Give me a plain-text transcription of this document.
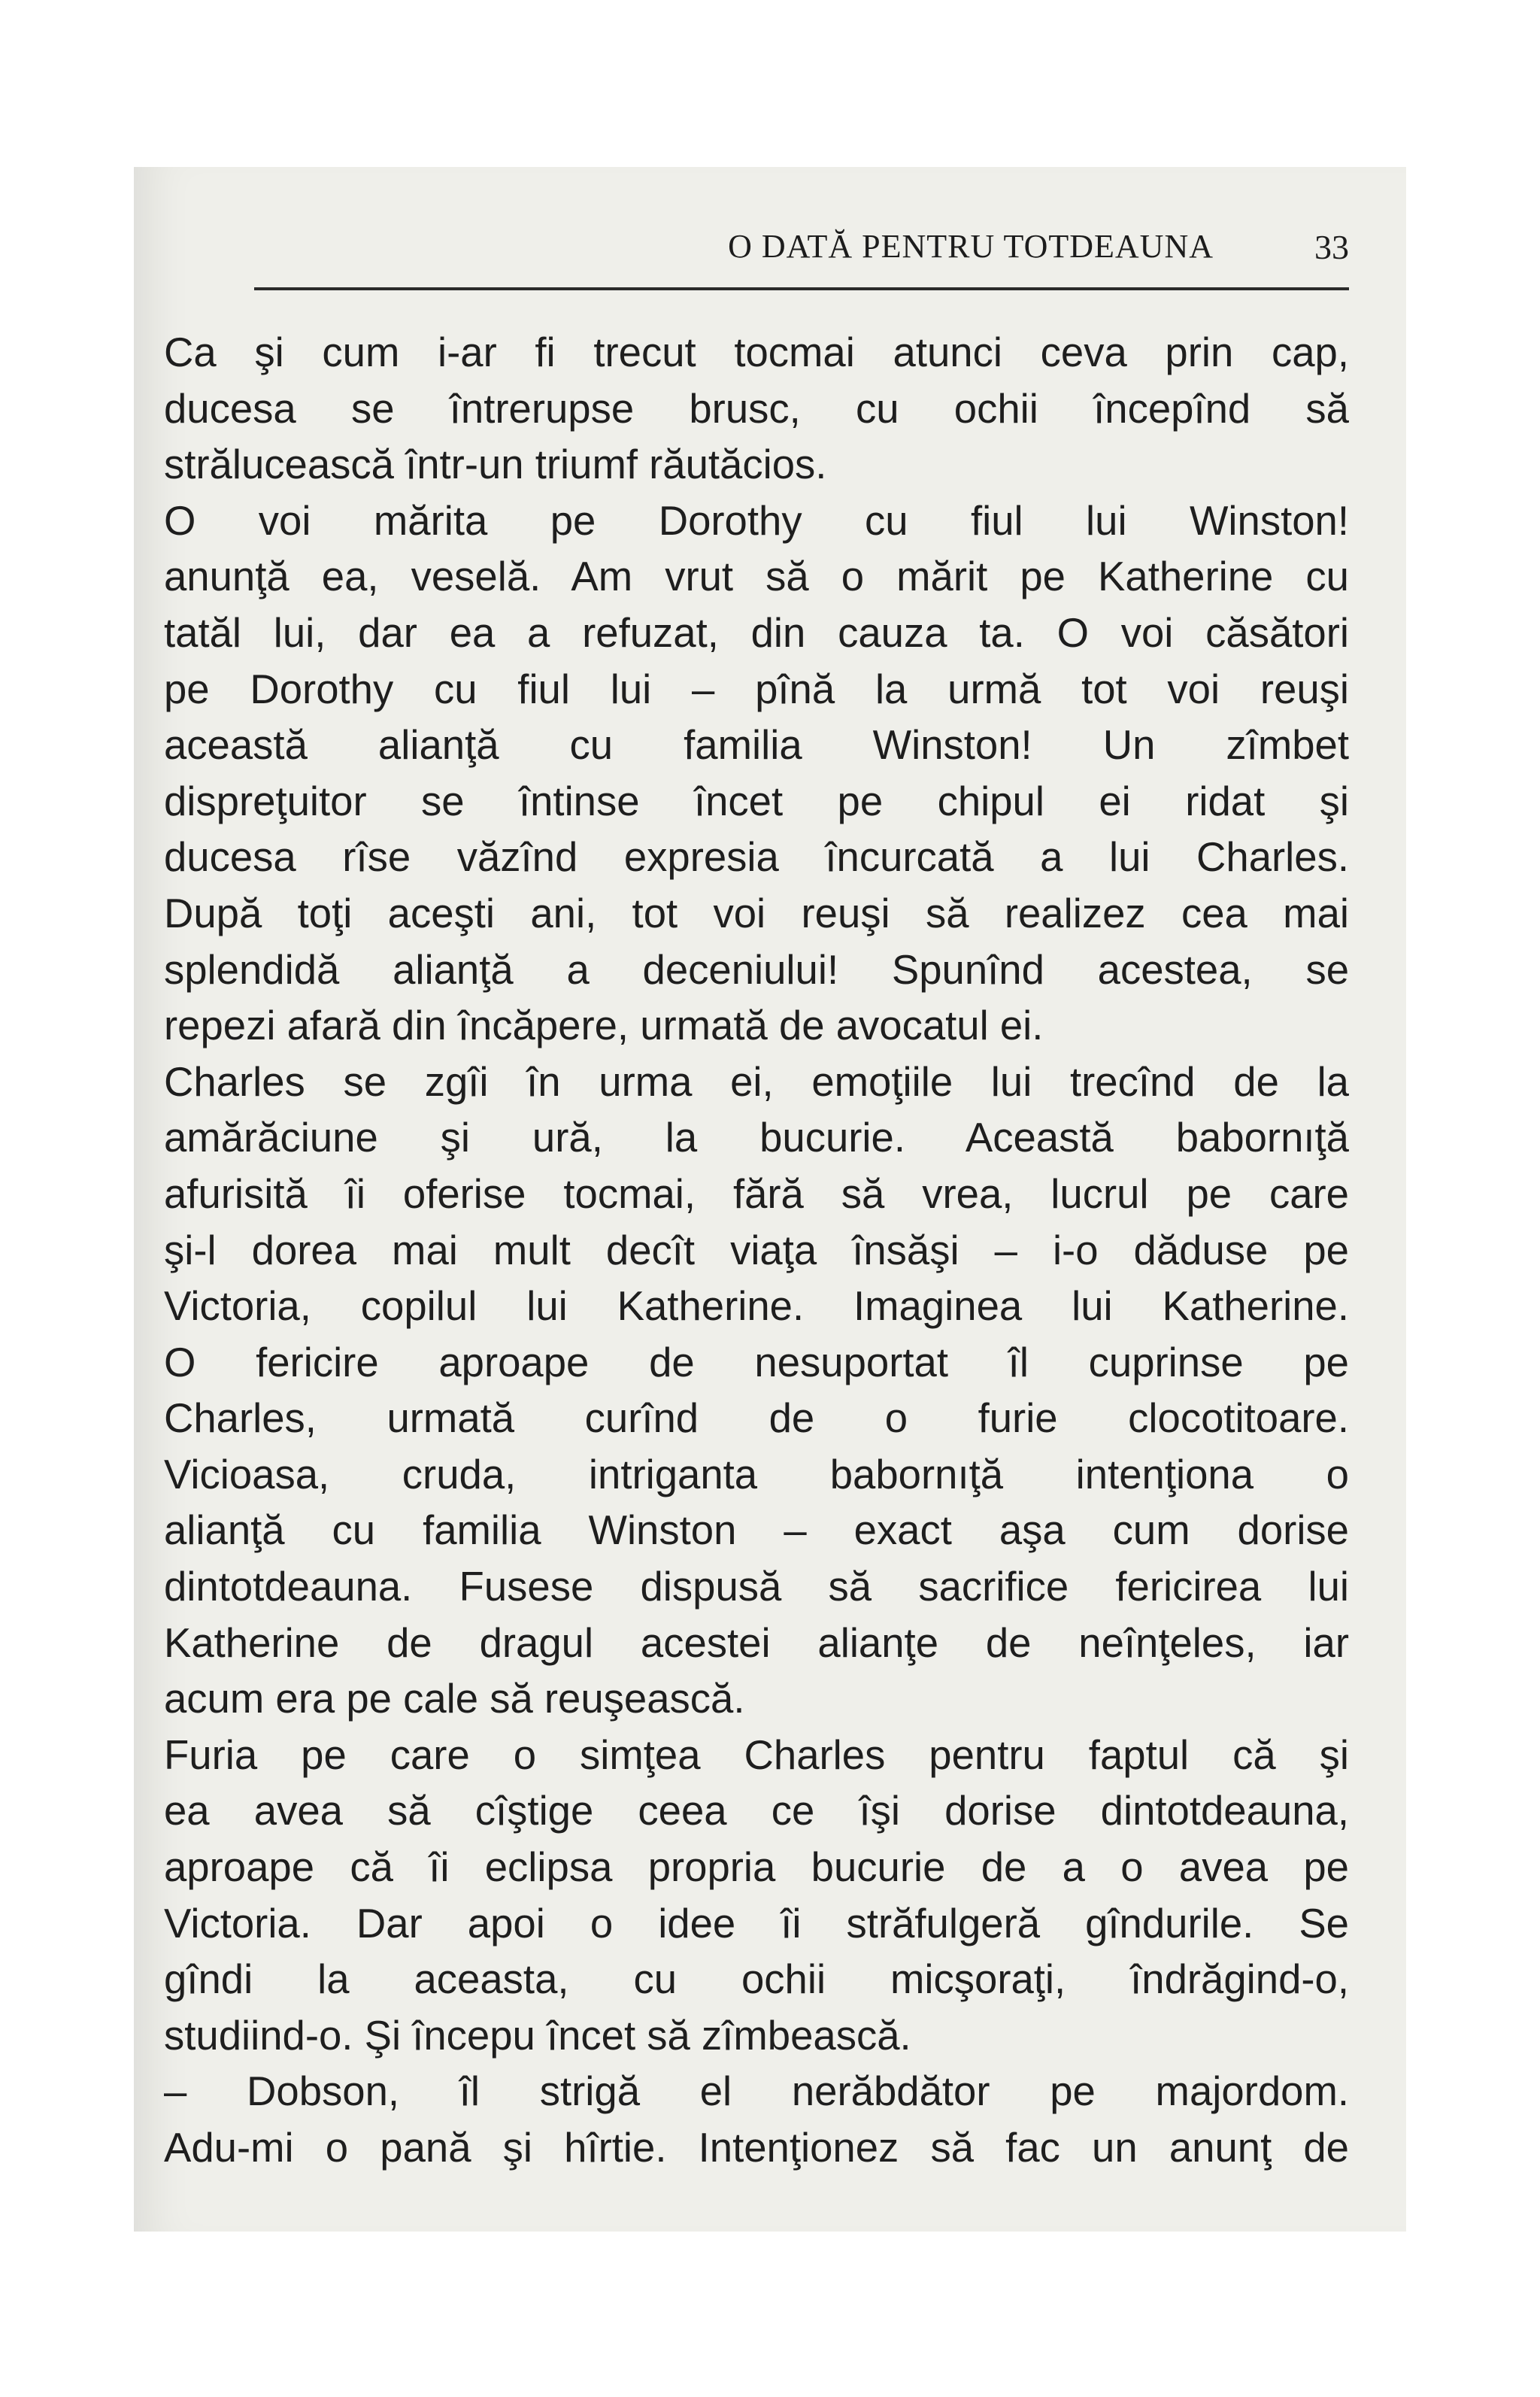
O DATĂ PENTRU TOTDEAUNA	33
Ca şi cum i-ar fi trecut tocmai atunci ceva prin cap,
ducesa se întrerupse brusc, cu ochii începînd să
strălucească într-un triumf răutăcios.
O voi mărita pe Dorothy cu fiul lui Winston!
anunţă ea, veselă. Am vrut să o mărit pe Katherine cu
tatăl lui, dar ea a refuzat, din cauza ta. O voi căsători
pe Dorothy cu fiul lui – pînă la urmă tot voi reuşi
această alianţă cu familia Winston! Un zîmbet
dispreţuitor se întinse încet pe chipul ei ridat şi
ducesa rîse văzînd expresia încurcată a lui Charles.
După toţi aceşti ani, tot voi reuşi să realizez cea mai
splendidă alianţă a deceniului! Spunînd acestea, se
repezi afară din încăpere, urmată de avocatul ei.
Charles se zgîi în urma ei, emoţiile lui trecînd de la
amărăciune şi ură, la bucurie. Această babornıţă
afurisită îi oferise tocmai, fără să vrea, lucrul pe care
şi-l dorea mai mult decît viaţa însăşi – i-o dăduse pe
Victoria, copilul lui Katherine. Imaginea lui Katherine.
O fericire aproape de nesuportat îl cuprinse pe
Charles, urmată curînd de o furie clocotitoare.
Vicioasa, cruda, intriganta babornıţă intenţiona o
alianţă cu familia Winston – exact aşa cum dorise
dintotdeauna. Fusese dispusă să sacrifice fericirea lui
Katherine de dragul acestei alianţe de neînţeles, iar
acum era pe cale să reuşească.
Furia pe care o simţea Charles pentru faptul că şi
ea avea să cîştige ceea ce îşi dorise dintotdeauna,
aproape că îi eclipsa propria bucurie de a o avea pe
Victoria. Dar apoi o idee îi străfulgeră gîndurile. Se
gîndi la aceasta, cu ochii micşoraţi, îndrăgind-o,
studiind-o. Şi începu încet să zîmbească.
– Dobson, îl strigă el nerăbdător pe majordom.
Adu-mi o pană şi hîrtie. Intenţionez să fac un anunţ de
